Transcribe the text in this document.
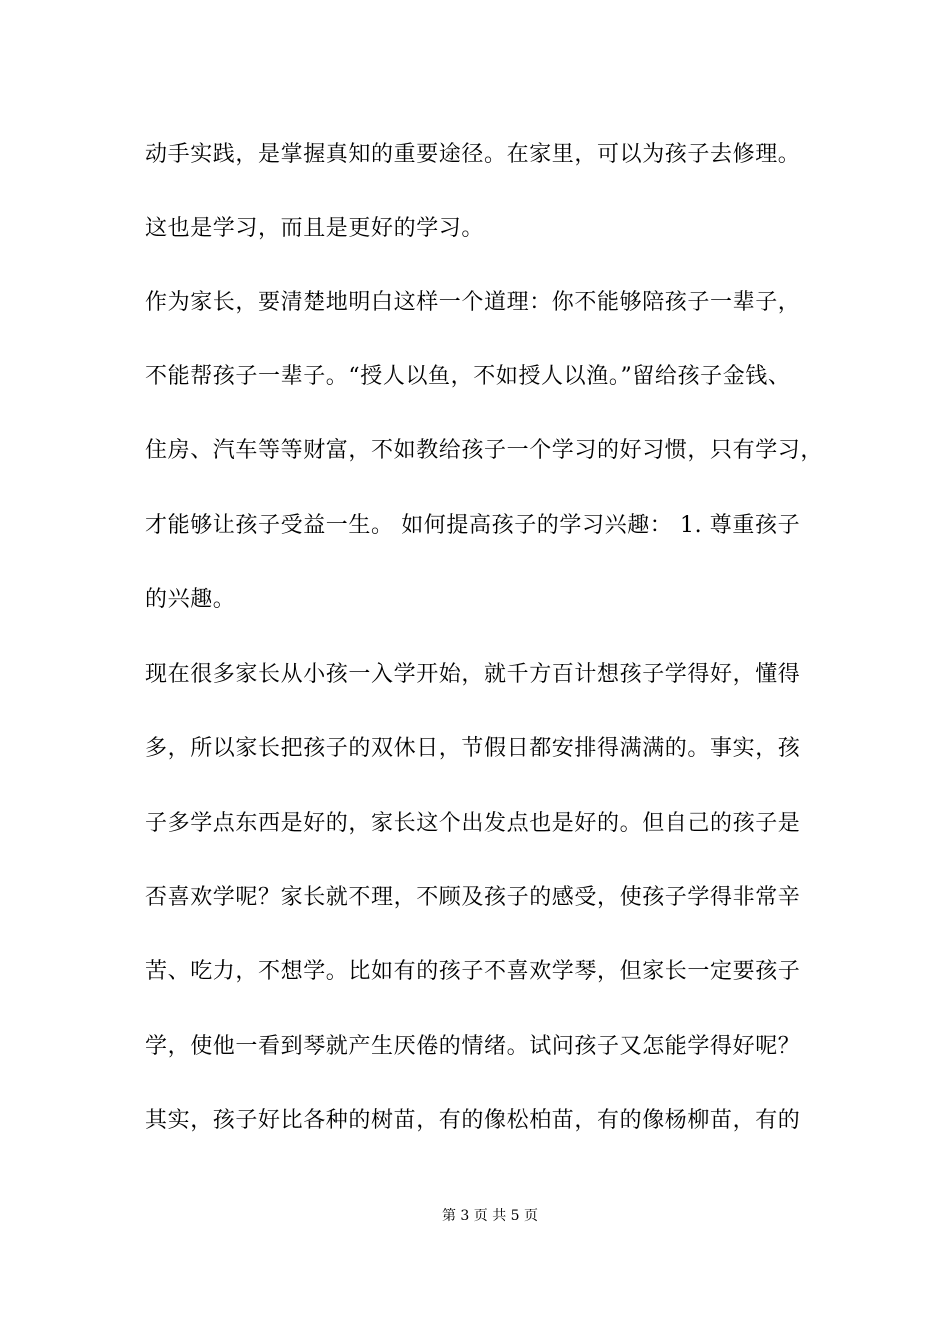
动手实践，是掌握真知的重要途径。在家里，可以为孩子去修理。
这也是学习，而且是更好的学习。
作为家长，要清楚地明白这样一个道理：你不能够陪孩子一辈子，
不能帮孩子一辈子。“授人以鱼，不如授人以渔。”留给孩子金钱、
住房、汽车等等财富，不如教给孩子一个学习的好习惯，只有学习，
才能够让孩子受益一生。 如何提高孩子的学习兴趣： 1. 尊重孩子
的兴趣。
现在很多家长从小孩一入学开始，就千方百计想孩子学得好，懂得
多，所以家长把孩子的双休日，节假日都安排得满满的。事实，孩
子多学点东西是好的，家长这个出发点也是好的。但自己的孩子是
否喜欢学呢？家长就不理，不顾及孩子的感受，使孩子学得非常辛
苦、吃力，不想学。比如有的孩子不喜欢学琴，但家长一定要孩子
学，使他一看到琴就产生厌倦的情绪。试问孩子又怎能学得好呢？
其实，孩子好比各种的树苗，有的像松柏苗，有的像杨柳苗，有的
第 3 页 共 5 页
